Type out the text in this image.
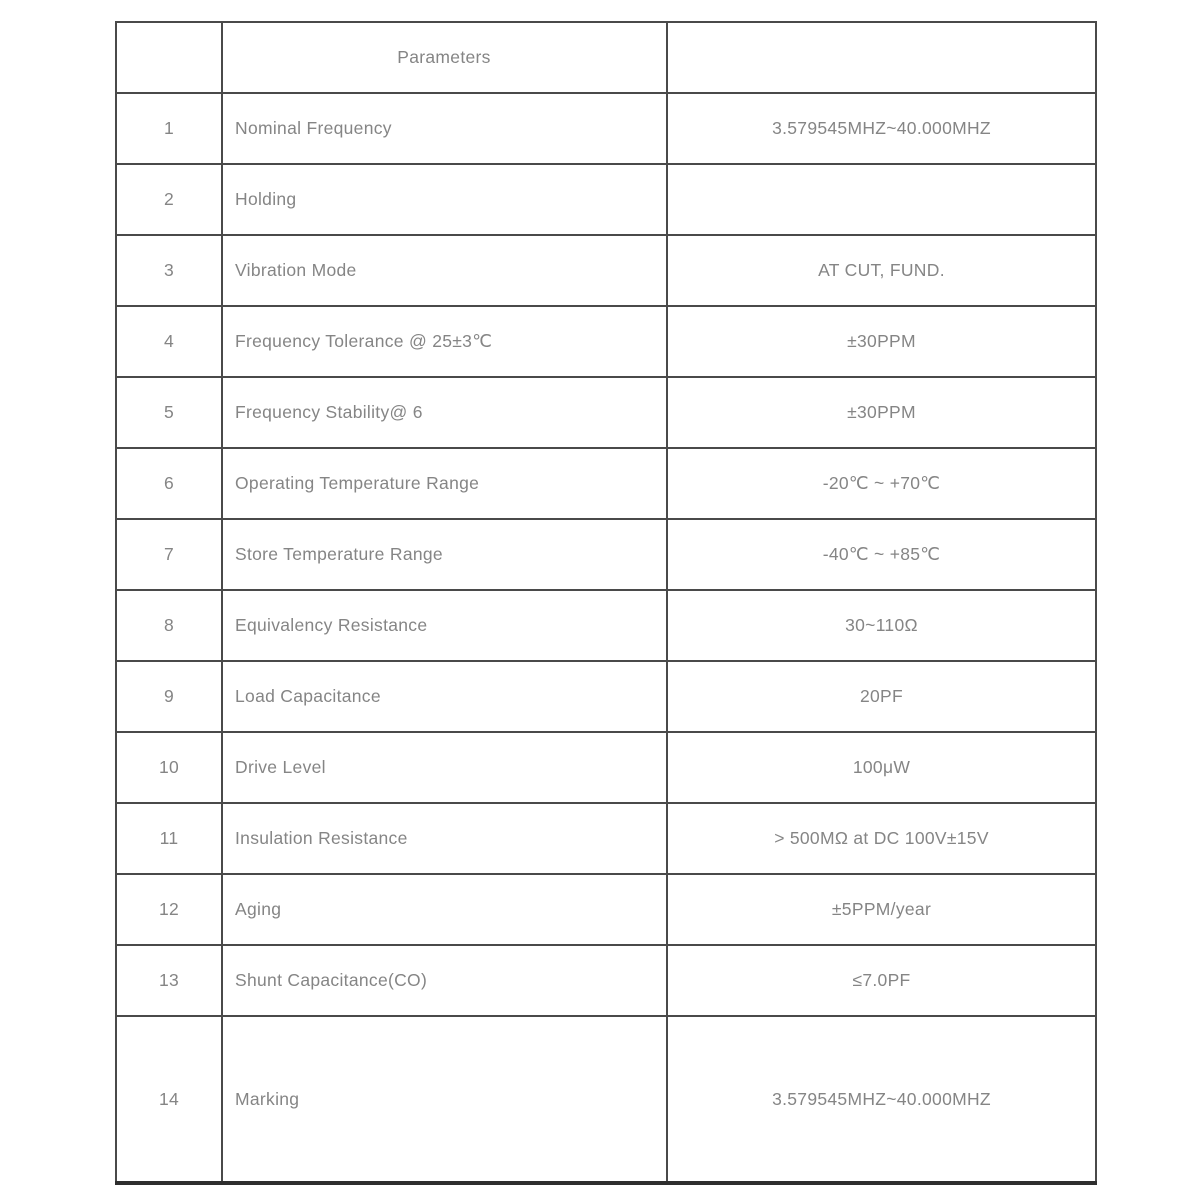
	Parameters	
1	Nominal Frequency	3.579545MHZ~40.000MHZ
2	Holding	
3	Vibration Mode	AT CUT, FUND.
4	Frequency Tolerance @ 25±3℃	±30PPM
5	Frequency Stability@ 6	±30PPM
6	Operating Temperature Range	-20℃ ~ +70℃
7	Store Temperature Range	-40℃ ~ +85℃
8	Equivalency Resistance	30~110Ω
9	Load Capacitance	20PF
10	Drive Level	100μW
11	Insulation Resistance	> 500MΩ at DC 100V±15V
12	Aging	±5PPM/year
13	Shunt Capacitance(CO)	≤7.0PF
14	Marking	3.579545MHZ~40.000MHZ
